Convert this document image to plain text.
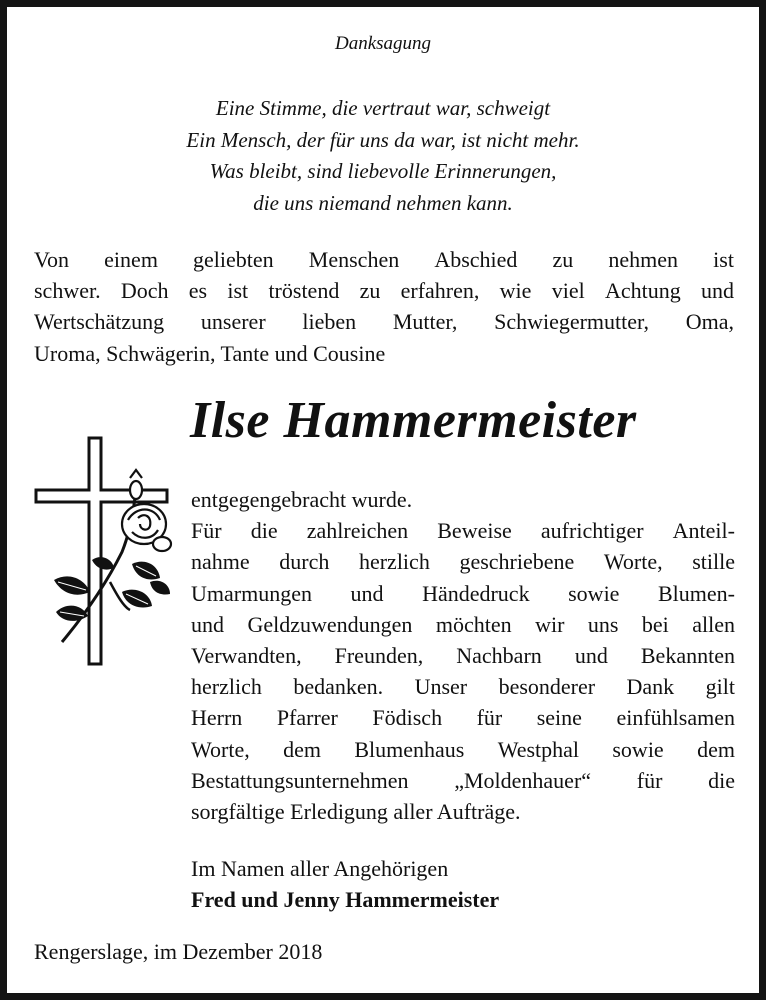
Danksagung
Eine Stimme, die vertraut war, schweigt
Ein Mensch, der für uns da war, ist nicht mehr.
Was bleibt, sind liebevolle Erinnerungen,
die uns niemand nehmen kann.
Von einem geliebten Menschen Abschied zu nehmen ist
schwer. Doch es ist tröstend zu erfahren, wie viel Achtung und
Wertschätzung unserer lieben Mutter, Schwiegermutter, Oma,
Uroma, Schwägerin, Tante und Cousine
Ilse Hammermeister
entgegengebracht wurde.
Für die zahlreichen Beweise aufrichtiger Anteil-
nahme durch herzlich geschriebene Worte, stille
Umarmungen und Händedruck sowie Blumen-
und Geldzuwendungen möchten wir uns bei allen
Verwandten, Freunden, Nachbarn und Bekannten
herzlich bedanken. Unser besonderer Dank gilt
Herrn Pfarrer Födisch für seine einfühlsamen
Worte, dem Blumenhaus Westphal sowie dem
Bestattungsunternehmen „Moldenhauer“ für die
sorgfältige Erledigung aller Aufträge.
Im Namen aller Angehörigen
Fred und Jenny Hammermeister
Rengerslage, im Dezember 2018
